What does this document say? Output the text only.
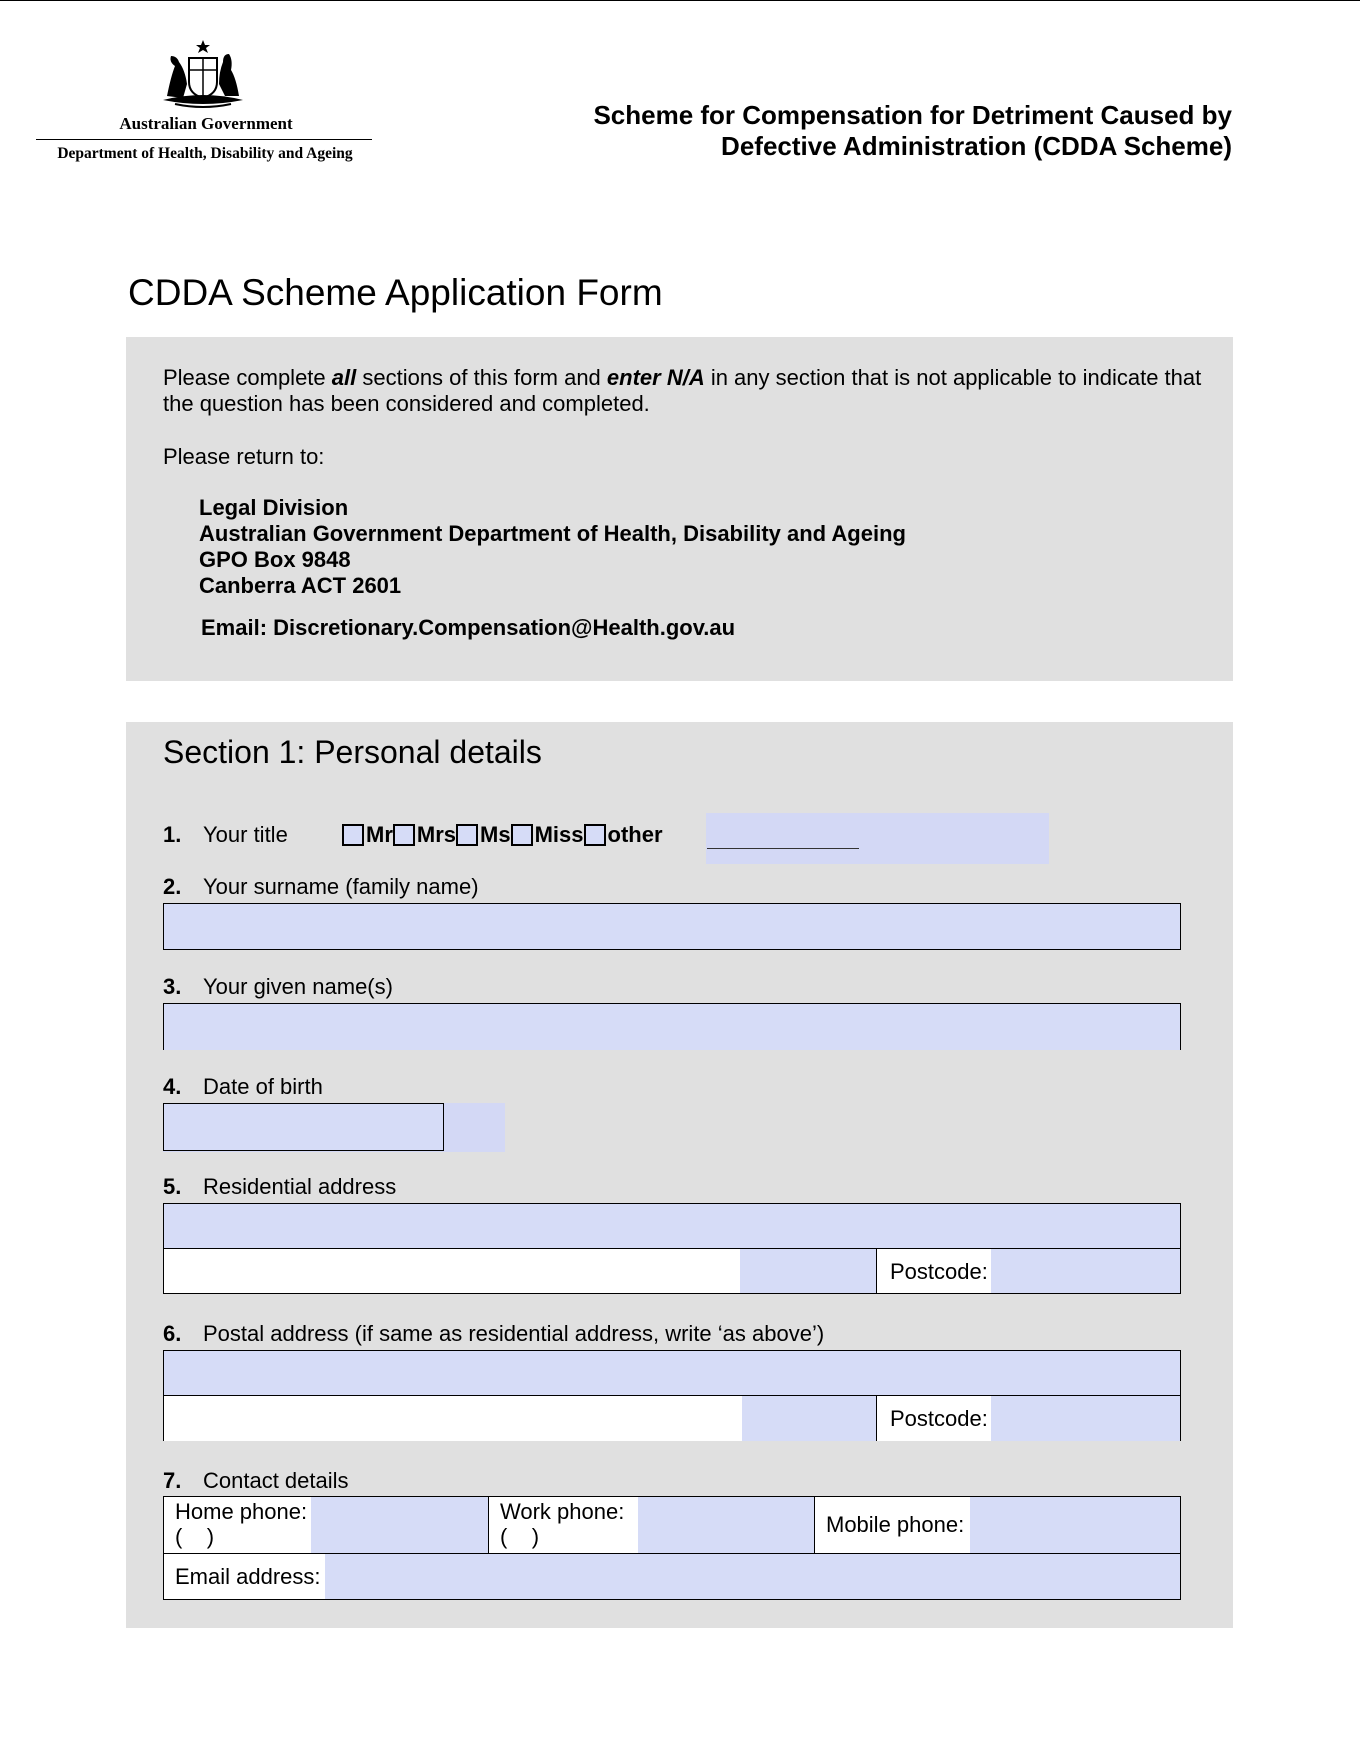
Australian Government
Department of Health, Disability and Ageing
Scheme for Compensation for Detriment Caused by
Defective Administration (CDDA Scheme)
CDDA Scheme Application Form
Please complete all sections of this form and enter N/A in any section that is not applicable to indicate that the question has been considered and completed.
Please return to:
Legal Division
Australian Government Department of Health, Disability and Ageing
GPO Box 9848
Canberra ACT 2601
Email: Discretionary.Compensation@Health.gov.au
Section 1: Personal details
1. Your title	Mr Mrs Ms Miss other
2. Your surname (family name)
3. Your given name(s)
4. Date of birth
5. Residential address
Postcode:
6. Postal address (if same as residential address, write ‘as above’)
Postcode:
7. Contact details
Home phone:
(    )
Work phone:
(    )	Mobile phone:
Email address:
